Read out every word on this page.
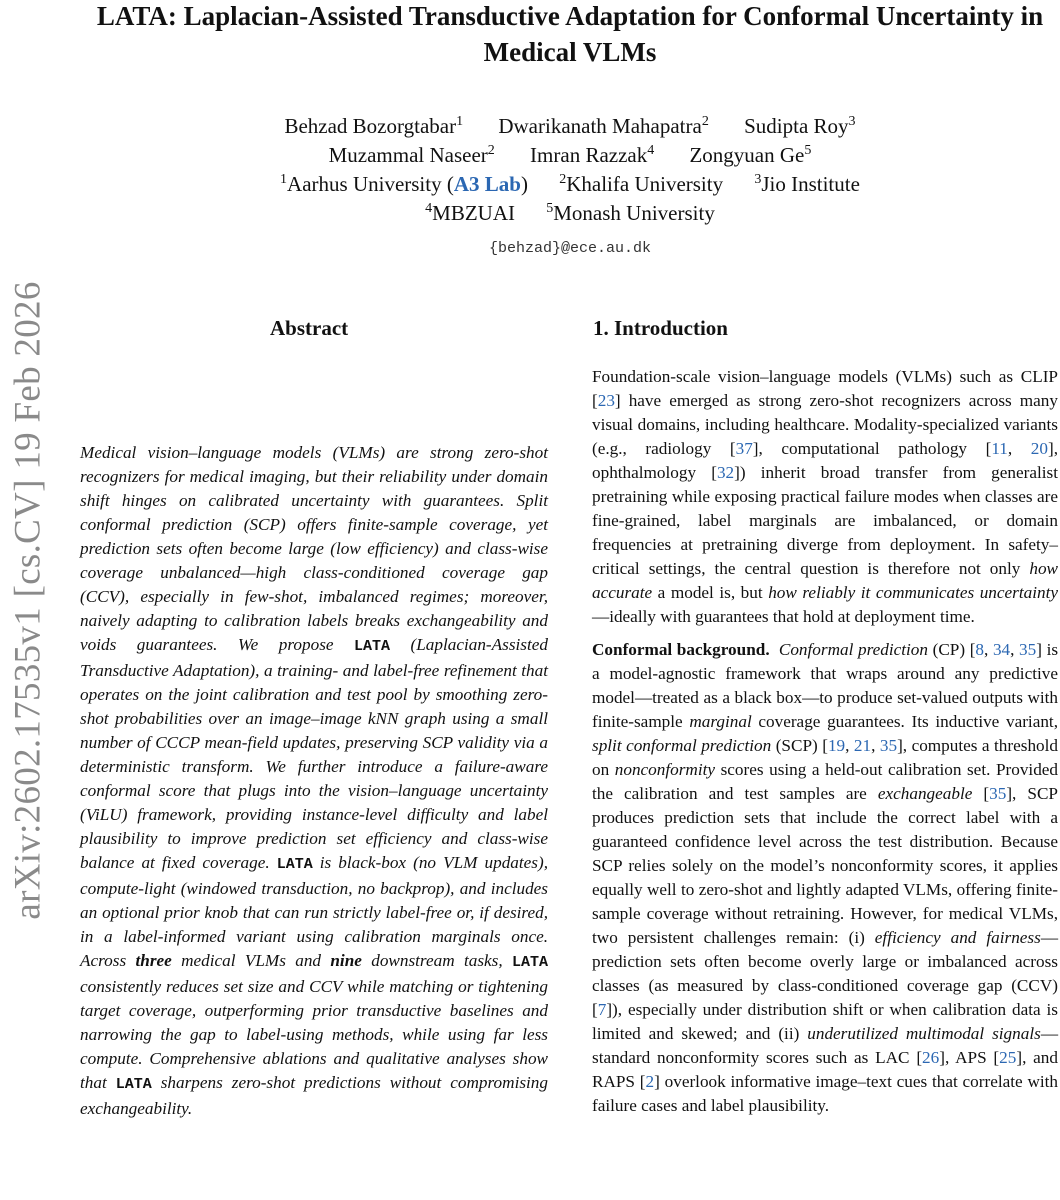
arXiv:2602.17535v1 [cs.CV] 19 Feb 2026
LATA: Laplacian-Assisted Transductive Adaptation for Conformal Uncertainty in Medical VLMs
Behzad Bozorgtabar$^1$ Dwarikanath Mahapatra$^2$ Sudipta Roy$^3$
Muzammal Naseer$^2$ Imran Razzak$^4$ Zongyuan Ge$^5$
$^1$Aarhus University (A3 Lab) $^2$Khalifa University $^3$Jio Institute
$^4$MBZUAI $^5$Monash University
{behzad}@ece.au.dk
Abstract	1. Introduction

Medical vision–language models (VLMs) are strong zero-shot recognizers for medical imaging, but their reliability under domain shift hinges on calibrated uncertainty with guarantees. Split conformal prediction (SCP) offers finite-sample coverage, yet prediction sets often become large (low efficiency) and class-wise coverage unbalanced—high class-conditioned coverage gap (CCV), especially in few-shot, imbalanced regimes; moreover, naively adapting to calibration labels breaks exchangeability and voids guarantees. We propose LATA (Laplacian-Assisted Transductive Adaptation), a training- and label-free refinement that operates on the joint calibration and test pool by smoothing zero-shot probabilities over an image–image kNN graph using a small number of CCCP mean-field updates, preserving SCP validity via a deterministic transform. We further introduce a failure-aware conformal score that plugs into the vision–language uncertainty (ViLU) framework, providing instance-level difficulty and label plausibility to improve prediction set efficiency and class-wise balance at fixed coverage. LATA is black-box (no VLM updates), compute-light (windowed transduction, no backprop), and includes an optional prior knob that can run strictly label-free or, if desired, in a label-informed variant using calibration marginals once. Across three medical VLMs and nine downstream tasks, LATA consistently reduces set size and CCV while matching or tightening target coverage, outperforming prior transductive baselines and narrowing the gap to label-using methods, while using far less compute. Comprehensive ablations and qualitative analyses show that LATA sharpens zero-shot predictions without compromising exchangeability.

Foundation-scale vision–language models (VLMs) such as CLIP [23] have emerged as strong zero-shot recognizers across many visual domains, including healthcare. Modality-specialized variants (e.g., radiology [37], computational pathology [11, 20], ophthalmology [32]) inherit broad transfer from generalist pretraining while exposing practical failure modes when classes are fine-grained, label marginals are imbalanced, or domain frequencies at pretraining diverge from deployment. In safety–critical settings, the central question is therefore not only how accurate a model is, but how reliably it communicates uncertainty—ideally with guarantees that hold at deployment time.

Conformal background. Conformal prediction (CP) [8, 34, 35] is a model-agnostic framework that wraps around any predictive model—treated as a black box—to produce set-valued outputs with finite-sample marginal coverage guarantees. Its inductive variant, split conformal prediction (SCP) [19, 21, 35], computes a threshold on nonconformity scores using a held-out calibration set. Provided the calibration and test samples are exchangeable [35], SCP produces prediction sets that include the correct label with a guaranteed confidence level across the test distribution. Because SCP relies solely on the model’s nonconformity scores, it applies equally well to zero-shot and lightly adapted VLMs, offering finite-sample coverage without retraining. However, for medical VLMs, two persistent challenges remain: (i) efficiency and fairness—prediction sets often become overly large or imbalanced across classes (as measured by class-conditioned coverage gap (CCV) [7]), especially under distribution shift or when calibration data is limited and skewed; and (ii) underutilized multimodal signals—standard nonconformity scores such as LAC [26], APS [25], and RAPS [2] overlook informative image–text cues that correlate with failure cases and label plausibility.
